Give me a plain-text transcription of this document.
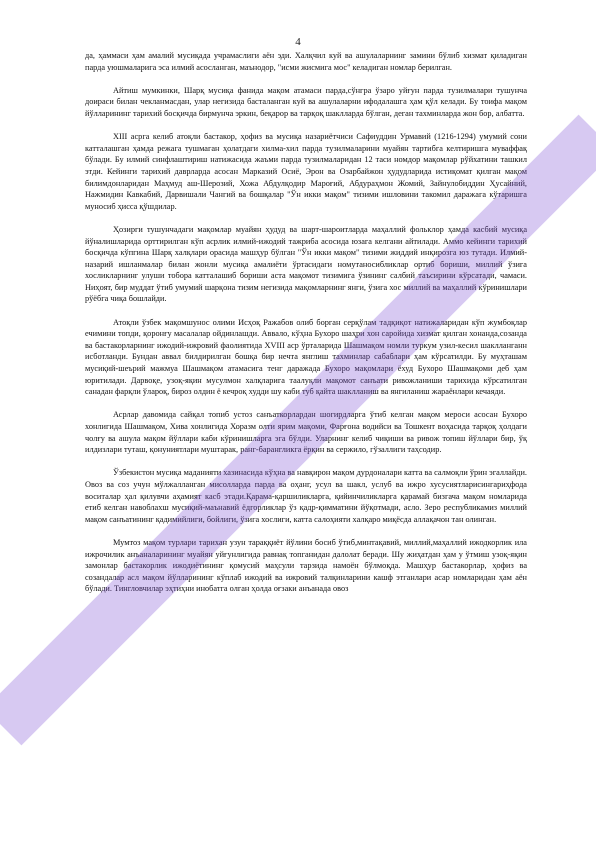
4

да, ҳаммаси ҳам амалий мусиқада учрамаслиги аён эди. Халқчил куй ва ашулаларнинг замини бўлиб хизмат қиладиган парда уюшмаларига эса илмий асосланган, маънодор, "исми жисмига мос" келадиган номлар берилган.

Айтиш мумкинки, Шарқ мусиқа фанида мақом атамаси парда,сўнгра ўзаро уйғун парда тузилмалари тушунча доираси билан чекланмасдан, улар негизида басталанган куй ва ашулаларни ифодалашга ҳам қўл келади. Бу тоифа мақом йўлларининг тарихий босқичда бирмунча эркин, беқарор ва тарқоқ шаклларда бўлган, деган тахминларда жон бор, албатта.

XIII асрга келиб атоқли бастакор, ҳофиз ва мусиқа назариётчиси Сафиуддин Урмавий (1216-1294) умумий сони катталашган ҳамда режага тушмаган ҳолатдаги хилма-хил парда тузилмаларини муайян тартибга келтиришга муваффақ бўлади. Бу илмий синфлаштириш натижасида жаъми парда тузилмаларидан 12 таси номдор мақомлар рўйхатини ташкил этди. Кейинги тарихий даврларда асосан Марказий Осиё, Эрон ва Озарбайжон ҳудудларида истиқомат қилган мақом билимдонларидан Маҳмуд аш-Шерозий, Хожа Абдулқодир Мароғий, Абдураҳмон Жомий, Зайнулобиддин Ҳусайний, Нажмидин Кавкабий, Дарвишали Чангий ва бошқалар "Ўн икки мақом" тизими ишловини такомил даражага кўтаришга муносиб ҳисса қўшдилар.

Ҳозирги тушунчадаги мақомлар муайян ҳудуд ва шарт-шароитларда маҳаллий фольклор ҳамда касбий мусиқа йўналишларида орттирилган кўп асрлик илмий-ижодий тажриба асосида юзага келгани айтилади. Аммо кейинги тарихий босқичда кўпгина Шарқ халқлари орасида машҳур бўлган "Ўн икки мақом" тизими жиддий инқирозга юз тутади. Илмий-назарий ишланмалар билан жонли мусиқа амалиёти ўртасидаги номутаносибликлар ортиб бориши, миллий ўзига хосликларнинг улуши тобора катталашиб бориши аста мақомот тизимига ўзининг салбий таъсирини кўрсатади, чамаси. Ниҳоят, бир муддат ўтиб умумий шарқона тизим негизида мақомларнинг янги, ўзига хос миллий ва маҳаллий кўринишлари рўёбга чиқа бошлайди.

Атоқли ўзбек мақомшунос олими Исҳоқ Ражабов олиб борган серқўлам тадқиқот натижаларидан кўп жумбоқлар ечимини топди, қоронғу масалалар ойдинлашди. Аввало, кўҳна Бухоро шаҳри хон саройида хизмат қилган хонанда,созанда ва бастакорларнинг ижодий-ижровий фаолиятида XVIII аср ўрталарида Шашмақом номли туркум узил-кесил шаклланганн исботланди. Бундан аввал билдирилган бошқа бир нечта янглиш тахминлар сабаблари ҳам кўрсатилди. Бу муҳташам мусиқий-шеърий мажмуа Шашмақом атамасига тенг даражада Бухоро мақомлари ёхуд Бухоро Шашмақоми деб ҳам юритилади. Дарвоқе, узоқ-яқин мусулмон халқларига таалуқли мақомот санъати ривожланиши тарихида кўрсатилган санадан фарқли ўлароқ, бироз олдин ё кечроқ худди шу каби туб қайта шаклланиш ва янгиланиш жараёнлари кечаяди.

Асрлар давомида сайқал топиб устоз санъаткорлардан шогирдларга ўтиб келган мақом мероси асосан Бухоро хонлигида Шашмақом, Хива хонлигида Хоразм олти ярим мақоми, Фарғона водийси ва Тошкент воҳасида тарқоқ ҳолдаги чолғу ва ашула мақом йўллари каби кўринишларга эга бўлди. Уларнинг келиб чиқиши ва ривож топиш йўллари бир, ўқ илдизлари туташ, қонуниятлари муштарак, ранг-барангликга ёрқин ва сержило, гўзаллиги таҳсодир.

Ўзбекистон мусиқа маданияти хазинасида кўҳна ва навқирон мақом дурдоналари катта ва салмоқли ўрин эгаллайди. Овоз ва соз учун мўлжалланган мисолларда парда ва оҳанг, усул ва шакл, услуб ва ижро хусусиятларисингариҳфода воситалар ҳал қилувчи аҳамият касб этади.Қарама-қаршиликларга, қийинчиликларга қарамай бизгача мақом номларида етиб келган навоблахш мусиқий-маънавий ёдгорликлар ўз қадр-қимматини йўқотмади, асло. Зеро республикамиз миллий мақом санъатининг қадимийлиги, бойлиги, ўзига хослиги, катта салоҳияти халқаро миқёсда аллақачон тан олинган.

Мумтоз мақом турлари тарихан узун тараққиёт йўлини босиб ўтиб,минтақавий, миллий,маҳаллий ижодкорлик ила ижрочилик анъаналарининг муайян уйғунлигида равнақ топганидан далолат беради. Шу жиҳатдан ҳам у ўтмиш узоқ-яқин замонлар бастакорлик ижодиётининг қомусий маҳсули тарзида намоён бўлмоқда. Машҳур бастакорлар, ҳофиз ва созандалар асл мақом йўлларининг кўплаб ижодий ва ижровий талқинларини кашф этганлари асар номларидан ҳам аён бўлади. Тингловчилар эҳтиҳни инобатга олган ҳолда оғзаки анъанада овоз
